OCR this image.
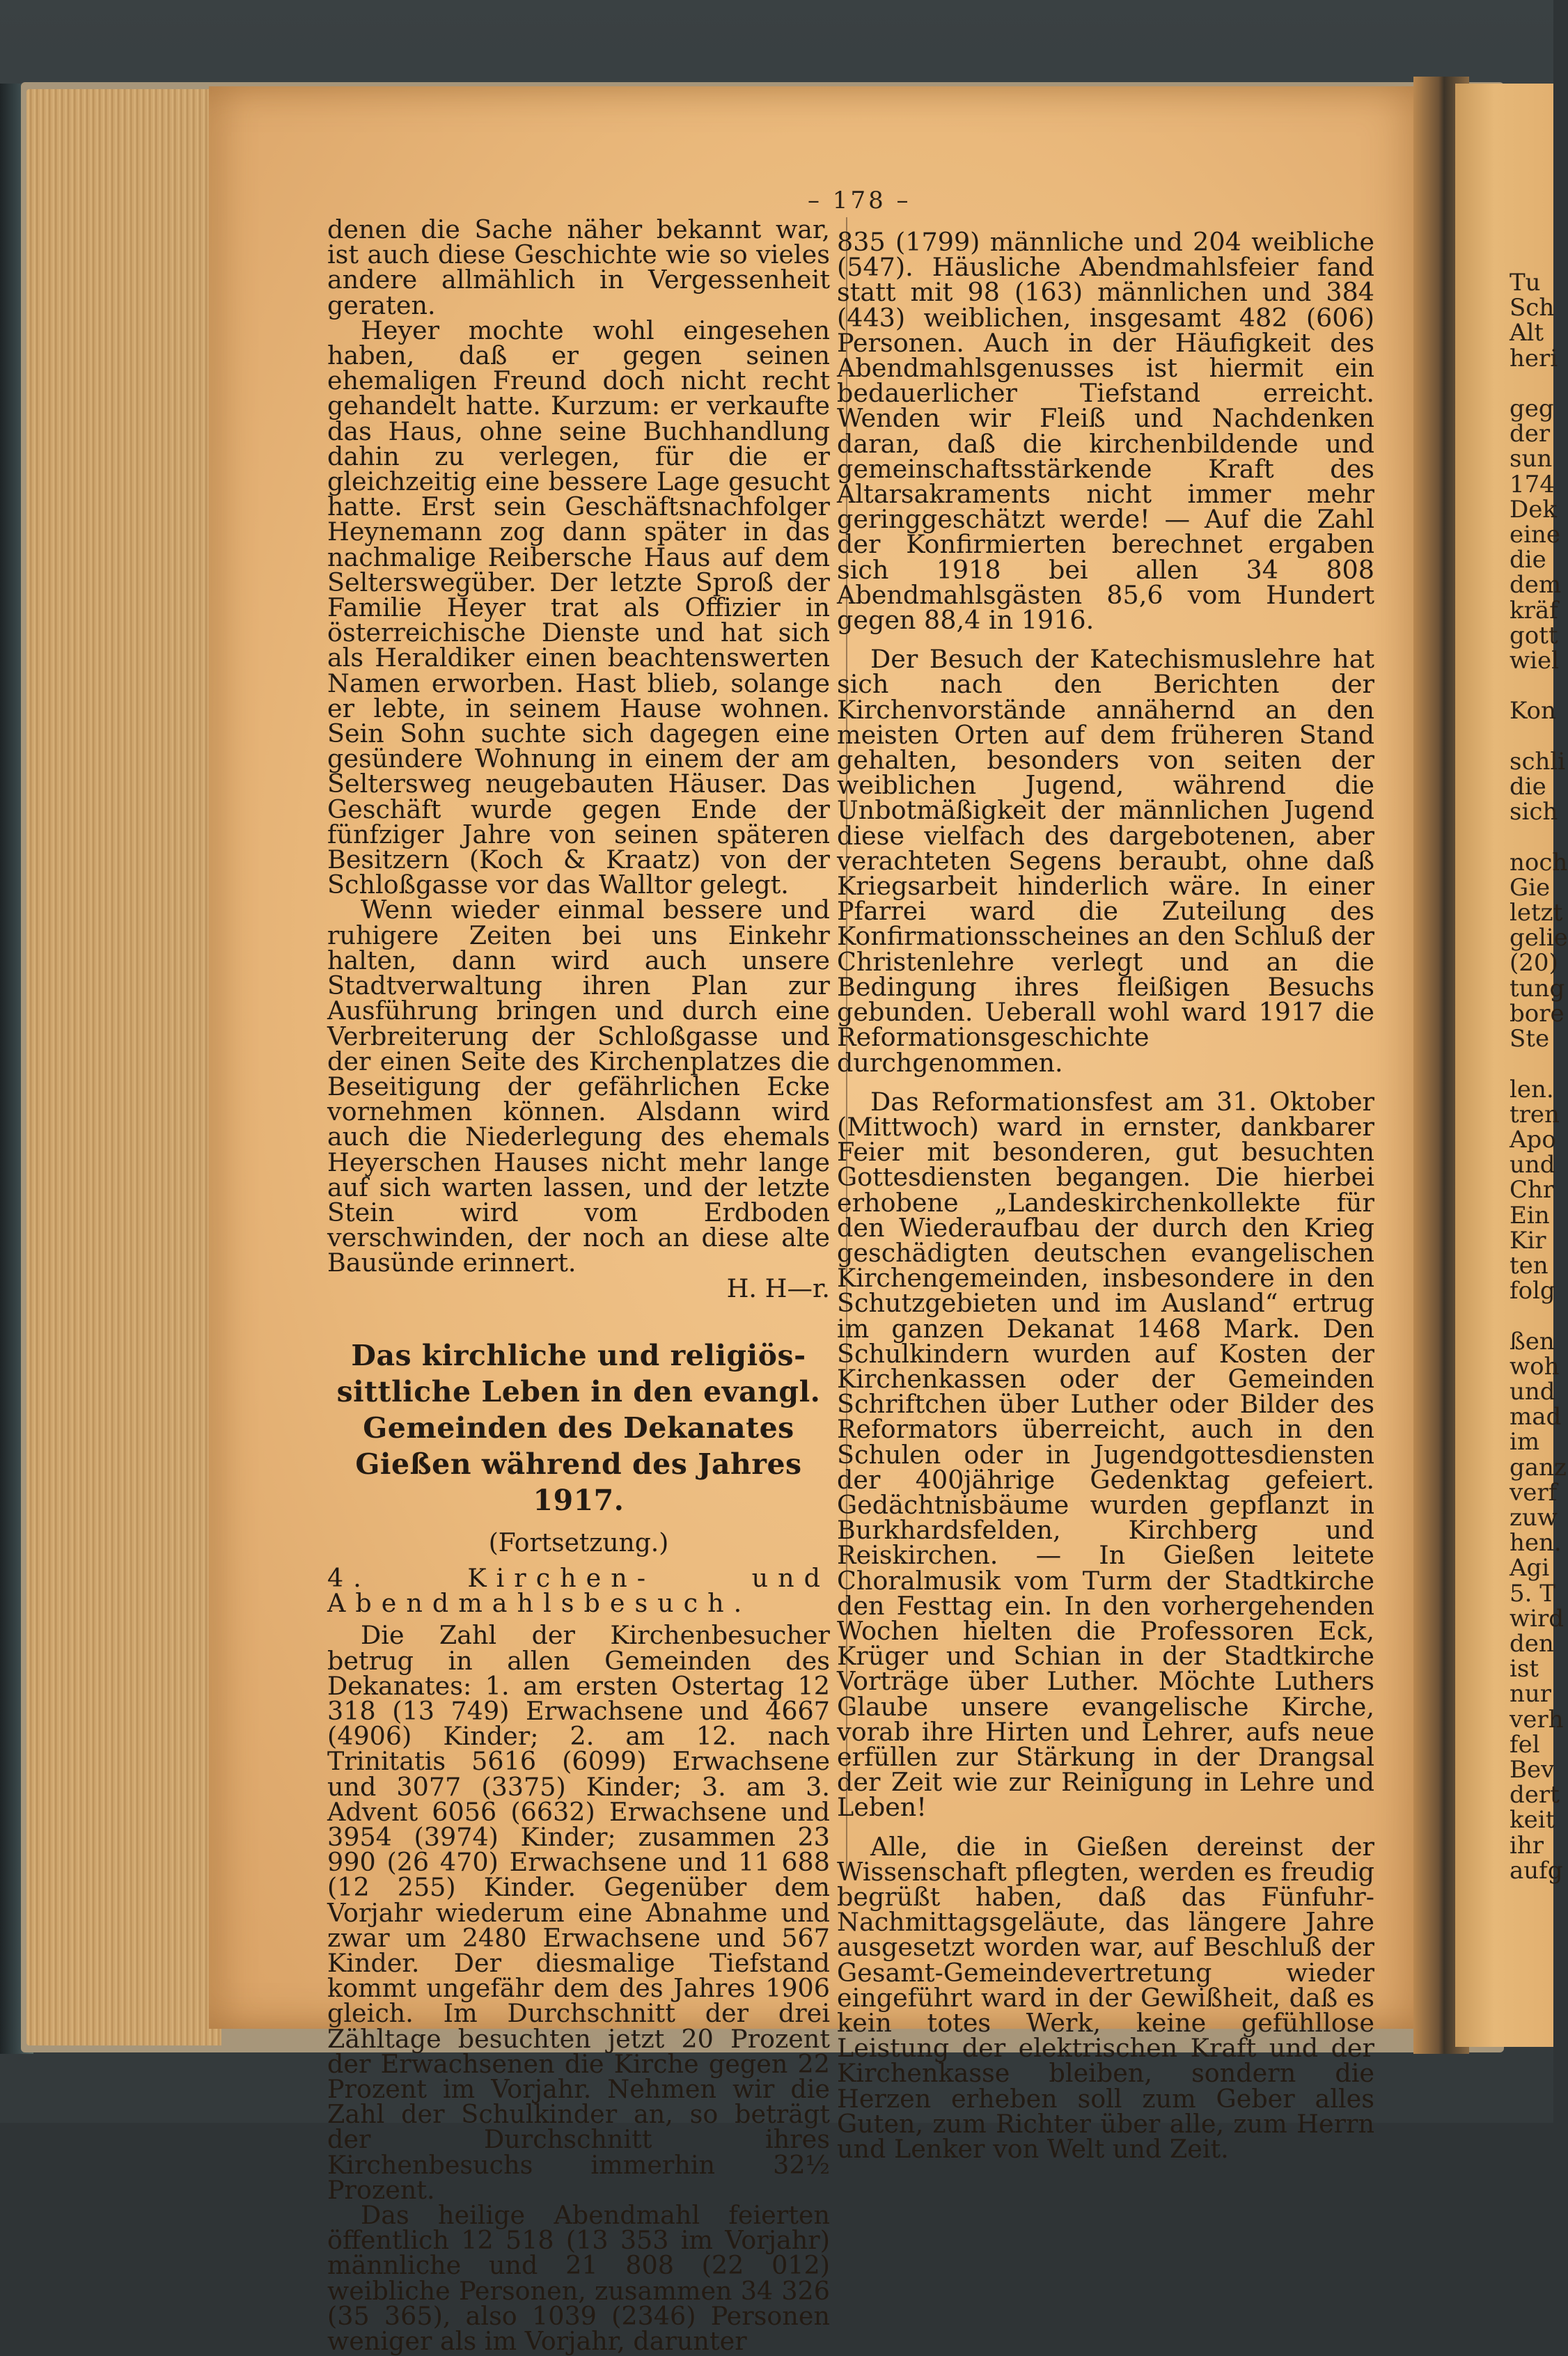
– 178 –

denen die Sache näher bekannt war, ist auch diese Geschichte wie so vieles andere allmählich in Vergessenheit geraten.

Heyer mochte wohl eingesehen haben, daß er gegen seinen ehemaligen Freund doch nicht recht gehandelt hatte. Kurzum: er verkaufte das Haus, ohne seine Buchhandlung dahin zu verlegen, für die er gleichzeitig eine bessere Lage gesucht hatte. Erst sein Geschäftsnachfolger Heynemann zog dann später in das nachmalige Reibersche Haus auf dem Selterswegüber. Der letzte Sproß der Familie Heyer trat als Offizier in österreichische Dienste und hat sich als Heraldiker einen beachtenswerten Namen erworben. Hast blieb, solange er lebte, in seinem Hause wohnen. Sein Sohn suchte sich dagegen eine gesündere Wohnung in einem der am Seltersweg neugebauten Häuser. Das Geschäft wurde gegen Ende der fünfziger Jahre von seinen späteren Besitzern (Koch & Kraatz) von der Schloßgasse vor das Walltor gelegt.

Wenn wieder einmal bessere und ruhigere Zeiten bei uns Einkehr halten, dann wird auch unsere Stadtverwaltung ihren Plan zur Ausführung bringen und durch eine Verbreiterung der Schloßgasse und der einen Seite des Kirchenplatzes die Beseitigung der gefährlichen Ecke vornehmen können. Alsdann wird auch die Niederlegung des ehemals Heyerschen Hauses nicht mehr lange auf sich warten lassen, und der letzte Stein wird vom Erdboden verschwinden, der noch an diese alte Bausünde erinnert.

H. H—r.

Das kirchliche und religiös-sittliche Leben in den evangl. Gemeinden des Dekanates Gießen während des Jahres 1917.

(Fortsetzung.)

4. Kirchen- und Abendmahlsbesuch.

Die Zahl der Kirchenbesucher betrug in allen Gemeinden des Dekanates: 1. am ersten Ostertag 12 318 (13 749) Erwachsene und 4667 (4906) Kinder; 2. am 12. nach Trinitatis 5616 (6099) Erwachsene und 3077 (3375) Kinder; 3. am 3. Advent 6056 (6632) Erwachsene und 3954 (3974) Kinder; zusammen 23 990 (26 470) Erwachsene und 11 688 (12 255) Kinder. Gegenüber dem Vorjahr wiederum eine Abnahme und zwar um 2480 Erwachsene und 567 Kinder. Der diesmalige Tiefstand kommt ungefähr dem des Jahres 1906 gleich. Im Durchschnitt der drei Zähltage besuchten jetzt 20 Prozent der Erwachsenen die Kirche gegen 22 Prozent im Vorjahr. Nehmen wir die Zahl der Schulkinder an, so beträgt der Durchschnitt ihres Kirchenbesuchs immerhin 32½ Prozent.

Das heilige Abendmahl feierten öffentlich 12 518 (13 353 im Vorjahr) männliche und 21 808 (22 012) weibliche Personen, zusammen 34 326 (35 365), also 1039 (2346) Personen weniger als im Vorjahr, darunter

835 (1799) männliche und 204 weibliche (547). Häusliche Abendmahlsfeier fand statt mit 98 (163) männlichen und 384 (443) weiblichen, insgesamt 482 (606) Personen. Auch in der Häufigkeit des Abendmahlsgenusses ist hiermit ein bedauerlicher Tiefstand erreicht. Wenden wir Fleiß und Nachdenken daran, daß die kirchenbildende und gemeinschaftsstärkende Kraft des Altarsakraments nicht immer mehr geringgeschätzt werde! — Auf die Zahl der Konfirmierten berechnet ergaben sich 1918 bei allen 34 808 Abendmahlsgästen 85,6 vom Hundert gegen 88,4 in 1916.

Der Besuch der Katechismuslehre hat sich nach den Berichten der Kirchenvorstände annähernd an den meisten Orten auf dem früheren Stand gehalten, besonders von seiten der weiblichen Jugend, während die Unbotmäßigkeit der männlichen Jugend diese vielfach des dargebotenen, aber verachteten Segens beraubt, ohne daß Kriegsarbeit hinderlich wäre. In einer Pfarrei ward die Zuteilung des Konfirmationsscheines an den Schluß der Christenlehre verlegt und an die Bedingung ihres fleißigen Besuchs gebunden. Ueberall wohl ward 1917 die Reformationsgeschichte durchgenommen.

Das Reformationsfest am 31. Oktober (Mittwoch) ward in ernster, dankbarer Feier mit besonderen, gut besuchten Gottesdiensten begangen. Die hierbei erhobene „Landeskirchenkollekte für den Wiederaufbau der durch den Krieg geschädigten deutschen evangelischen Kirchengemeinden, insbesondere in den Schutzgebieten und im Ausland“ ertrug im ganzen Dekanat 1468 Mark. Den Schulkindern wurden auf Kosten der Kirchenkassen oder der Gemeinden Schriftchen über Luther oder Bilder des Reformators überreicht, auch in den Schulen oder in Jugendgottesdiensten der 400jährige Gedenktag gefeiert. Gedächtnisbäume wurden gepflanzt in Burkhardsfelden, Kirchberg und Reiskirchen. — In Gießen leitete Choralmusik vom Turm der Stadtkirche den Festtag ein. In den vorhergehenden Wochen hielten die Professoren Eck, Krüger und Schian in der Stadtkirche Vorträge über Luther. Möchte Luthers Glaube unsere evangelische Kirche, vorab ihre Hirten und Lehrer, aufs neue erfüllen zur Stärkung in der Drangsal der Zeit wie zur Reinigung in Lehre und Leben!

Alle, die in Gießen dereinst der Wissenschaft pflegten, werden es freudig begrüßt haben, daß das Fünfuhr-Nachmittagsgeläute, das längere Jahre ausgesetzt worden war, auf Beschluß der Gesamt-Gemeindevertretung wieder eingeführt ward in der Gewißheit, daß es kein totes Werk, keine gefühllose Leistung der elektrischen Kraft und der Kirchenkasse bleiben, sondern die Herzen erheben soll zum Geber alles Guten, zum Richter über alle, zum Herrn und Lenker von Welt und Zeit.

Tu
Sch
Alt
heri

geg
der
sun
174
Dek
eine
die
dem
kräf
gott
wiel

Kon

schli
die
sich

noch
Gie
letzt
gelie
(20)
tung
bore
Ste

len.
tren
Apo
und
Chr
Ein
Kir
ten
folg

ßen
woh
und
mad
im
ganz
verf
zuw
hen.
Agi
5. T
wird
den
ist
nur
verh
fel
Bev
dert
keit
ihr
aufg
